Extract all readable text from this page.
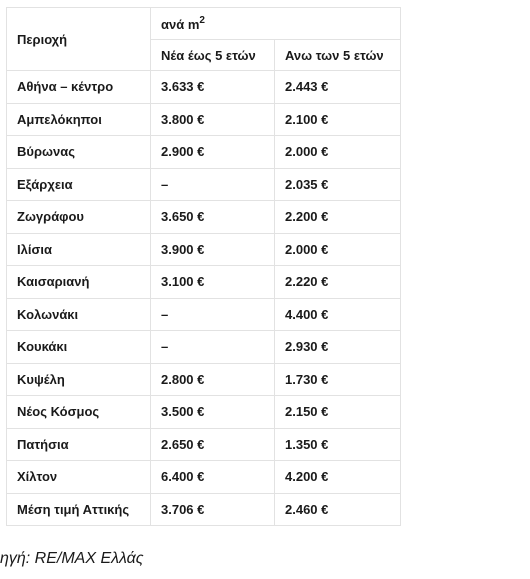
Περιοχή	ανά $m^2$
	Νέα έως 5 ετών	Ανω των 5 ετών
Αθήνα – κέντρο	3.633 €	2.443 €
Αμπελόκηποι	3.800 €	2.100 €
Βύρωνας	2.900 €	2.000 €
Εξάρχεια	–	2.035 €
Ζωγράφου	3.650 €	2.200 €
Ιλίσια	3.900 €	2.000 €
Καισαριανή	3.100 €	2.220 €
Κολωνάκι	–	4.400 €
Κουκάκι	–	2.930 €
Κυψέλη	2.800 €	1.730 €
Νέος Κόσμος	3.500 €	2.150 €
Πατήσια	2.650 €	1.350 €
Χίλτον	6.400 €	4.200 €
Μέση τιμή Αττικής	3.706 €	2.460 €
ηγή: RE/MAX Ελλάς
